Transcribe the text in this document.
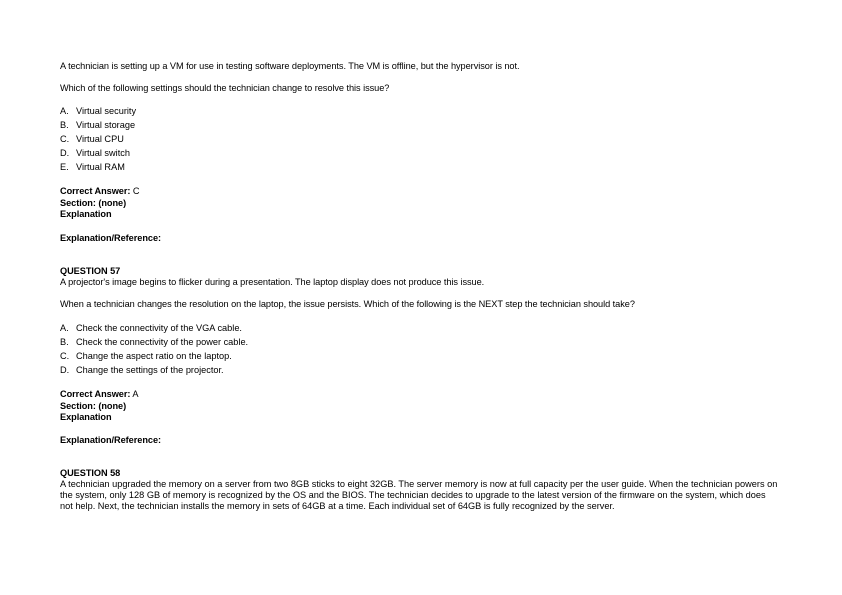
A technician is setting up a VM for use in testing software deployments. The VM is offline, but the hypervisor is not.
Which of the following settings should the technician change to resolve this issue?
A. Virtual security
B. Virtual storage
C. Virtual CPU
D. Virtual switch
E. Virtual RAM
Correct Answer: C
Section: (none)
Explanation
Explanation/Reference:
QUESTION 57
A projector's image begins to flicker during a presentation. The laptop display does not produce this issue.
When a technician changes the resolution on the laptop, the issue persists. Which of the following is the NEXT step the technician should take?
A. Check the connectivity of the VGA cable.
B. Check the connectivity of the power cable.
C. Change the aspect ratio on the laptop.
D. Change the settings of the projector.
Correct Answer: A
Section: (none)
Explanation
Explanation/Reference:
QUESTION 58
A technician upgraded the memory on a server from two 8GB sticks to eight 32GB. The server memory is now at full capacity per the user guide. When the technician powers on the system, only 128 GB of memory is recognized by the OS and the BIOS. The technician decides to upgrade to the latest version of the firmware on the system, which does not help. Next, the technician installs the memory in sets of 64GB at a time. Each individual set of 64GB is fully recognized by the server.
